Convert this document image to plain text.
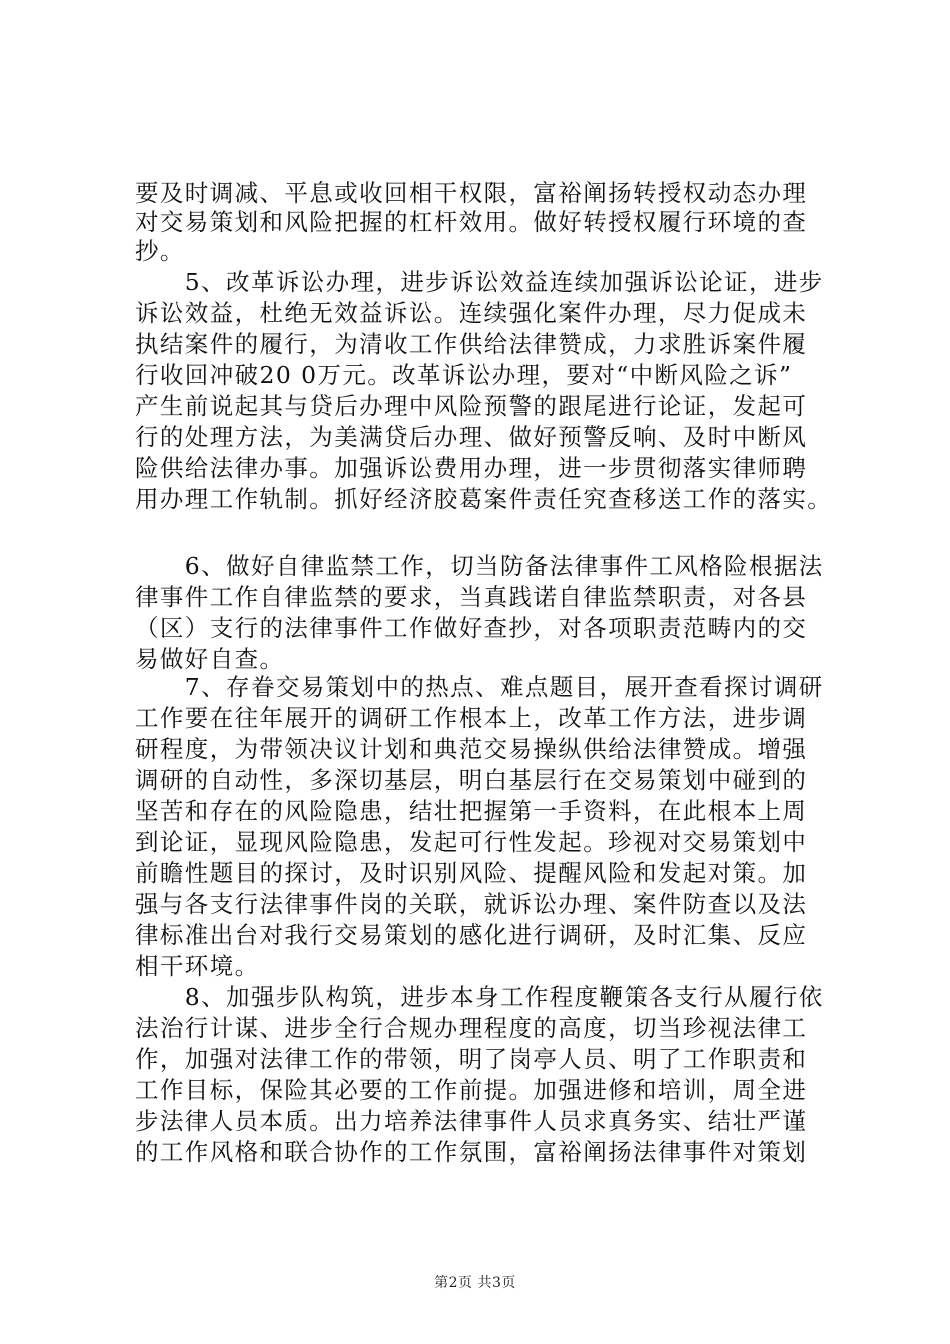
要及时调减、平息或收回相干权限，富裕阐扬转授权动态办理
对交易策划和风险把握的杠杆效用。做好转授权履行环境的查
抄。
　　5、改革诉讼办理，进步诉讼效益连续加强诉讼论证，进步
诉讼效益，杜绝无效益诉讼。连续强化案件办理，尽力促成未
执结案件的履行，为清收工作供给法律赞成，力求胜诉案件履
行收回冲破20 0万元。改革诉讼办理，要对“中断风险之诉”
产生前说起其与贷后办理中风险预警的跟尾进行论证，发起可
行的处理方法，为美满贷后办理、做好预警反响、及时中断风
险供给法律办事。加强诉讼费用办理，进一步贯彻落实律师聘
用办理工作轨制。抓好经济胶葛案件责任究查移送工作的落实。
　　6、做好自律监禁工作，切当防备法律事件工风格险根据法
律事件工作自律监禁的要求，当真践诺自律监禁职责，对各县
（区）支行的法律事件工作做好查抄，对各项职责范畴内的交
易做好自查。
　　7、存眷交易策划中的热点、难点题目，展开查看探讨调研
工作要在往年展开的调研工作根本上，改革工作方法，进步调
研程度，为带领决议计划和典范交易操纵供给法律赞成。增强
调研的自动性，多深切基层，明白基层行在交易策划中碰到的
坚苦和存在的风险隐患，结壮把握第一手资料，在此根本上周
到论证，显现风险隐患，发起可行性发起。珍视对交易策划中
前瞻性题目的探讨，及时识别风险、提醒风险和发起对策。加
强与各支行法律事件岗的关联，就诉讼办理、案件防查以及法
律标准出台对我行交易策划的感化进行调研，及时汇集、反应
相干环境。
　　8、加强步队构筑，进步本身工作程度鞭策各支行从履行依
法治行计谋、进步全行合规办理程度的高度，切当珍视法律工
作，加强对法律工作的带领，明了岗亭人员、明了工作职责和
工作目标，保险其必要的工作前提。加强进修和培训，周全进
步法律人员本质。出力培养法律事件人员求真务实、结壮严谨
的工作风格和联合协作的工作氛围，富裕阐扬法律事件对策划
第2页 共3页
